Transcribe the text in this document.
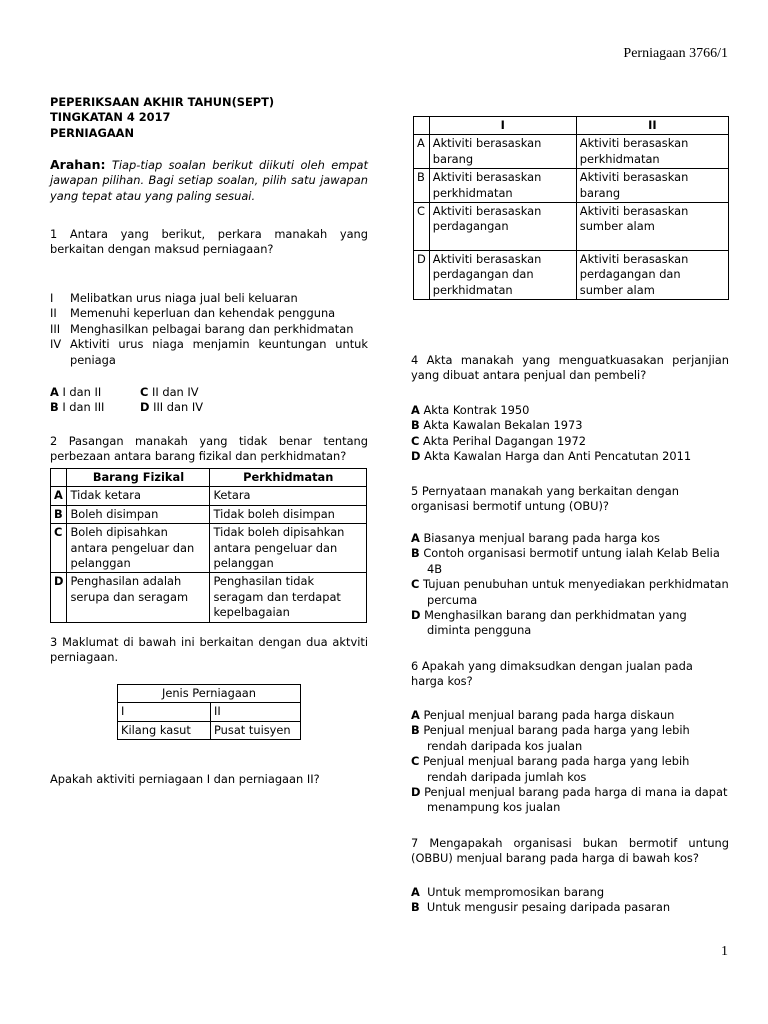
Perniagaan 3766/1
PEPERIKSAAN AKHIR TAHUN(SEPT)
TINGKATAN 4 2017
PERNIAGAAN
Arahan: Tiap-tiap soalan berikut diikuti oleh empat jawapan pilihan. Bagi setiap soalan, pilih satu jawapan yang tepat atau yang paling sesuai.
1 Antara yang berikut, perkara manakah yang berkaitan dengan maksud perniagaan?
I	Melibatkan urus niaga jual beli keluaran
II	Memenuhi keperluan dan kehendak pengguna
III Menghasilkan pelbagai barang dan perkhidmatan
IV Aktiviti urus niaga menjamin keuntungan untuk peniaga
A I dan II	C II dan IV
B I dan III	D III dan IV
2 Pasangan manakah yang tidak benar tentang perbezaan antara barang fizikal dan perkhidmatan?
	Barang Fizikal	Perkhidmatan
A	Tidak ketara	Ketara
B	Boleh disimpan	Tidak boleh disimpan
C	Boleh dipisahkan antara pengeluar dan pelanggan	Tidak boleh dipisahkan antara pengeluar dan pelanggan
D	Penghasilan adalah serupa dan seragam	Penghasilan tidak seragam dan terdapat kepelbagaian
3 Maklumat di bawah ini berkaitan dengan dua aktviti perniagaan.
Jenis Perniagaan	
I	II
Kilang kasut	Pusat tuisyen
Apakah aktiviti perniagaan I dan perniagaan II?
	I	II
A	Aktiviti berasaskan barang	Aktiviti berasaskan perkhidmatan
B	Aktiviti berasaskan perkhidmatan	Aktiviti berasaskan barang
C	Aktiviti berasaskan perdagangan	Aktiviti berasaskan sumber alam
D	Aktiviti berasaskan perdagangan dan perkhidmatan	Aktiviti berasaskan perdagangan dan sumber alam
4 Akta manakah yang menguatkuasakan perjanjian yang dibuat antara penjual dan pembeli?
A Akta Kontrak 1950
B Akta Kawalan Bekalan 1973
C Akta Perihal Dagangan 1972
D Akta Kawalan Harga dan Anti Pencatutan 2011
5 Pernyataan manakah yang berkaitan dengan organisasi bermotif untung (OBU)?
A Biasanya menjual barang pada harga kos
B Contoh organisasi bermotif untung ialah Kelab Belia 4B
C Tujuan penubuhan untuk menyediakan perkhidmatan percuma
D Menghasilkan barang dan perkhidmatan yang diminta pengguna
6 Apakah yang dimaksudkan dengan jualan pada harga kos?
A Penjual menjual barang pada harga diskaun
B Penjual menjual barang pada harga yang lebih rendah daripada kos jualan
C Penjual menjual barang pada harga yang lebih rendah daripada jumlah kos
D Penjual menjual barang pada harga di mana ia dapat menampung kos jualan
7 Mengapakah organisasi bukan bermotif untung (OBBU) menjual barang pada harga di bawah kos?
A  Untuk mempromosikan barang
B  Untuk mengusir pesaing daripada pasaran
1
